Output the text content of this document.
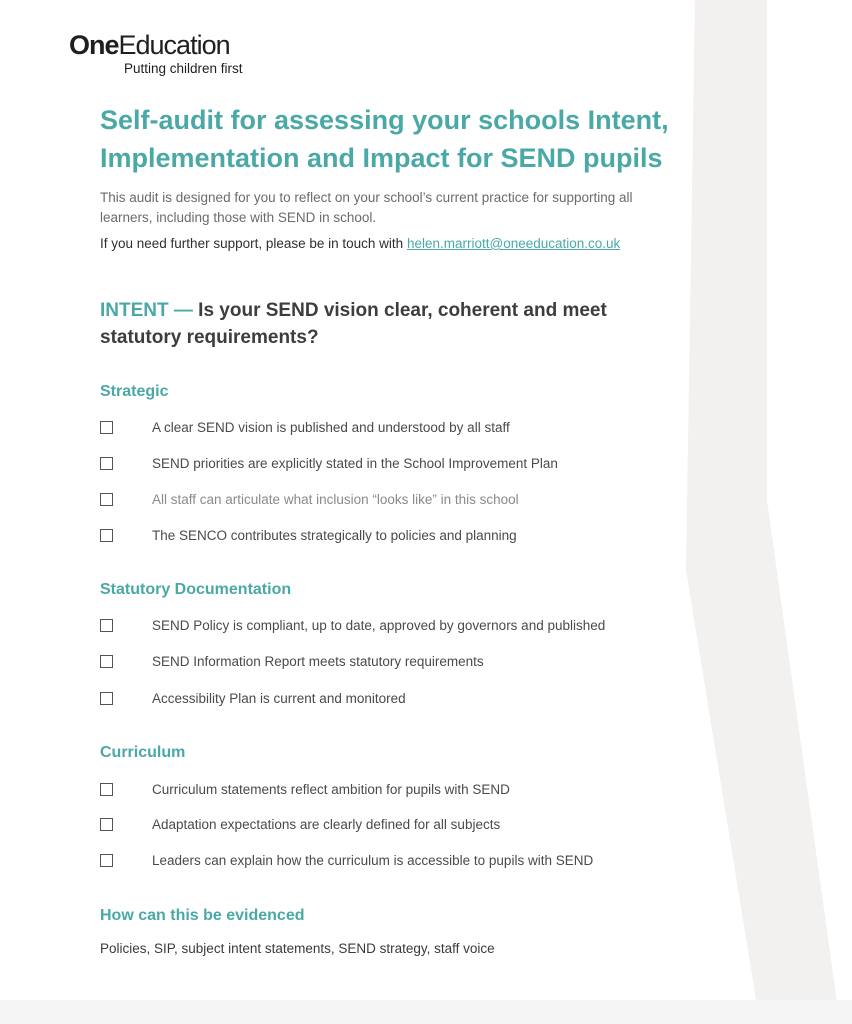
OneEducation
Putting children first
Self-audit for assessing your schools Intent, Implementation and Impact for SEND pupils

This audit is designed for you to reflect on your school’s current practice for supporting all learners, including those with SEND in school.

If you need further support, please be in touch with helen.marriott@oneeducation.co.uk

INTENT — Is your SEND vision clear, coherent and meet statutory requirements?
Strategic
A clear SEND vision is published and understood by all staff
SEND priorities are explicitly stated in the School Improvement Plan
All staff can articulate what inclusion “looks like” in this school
The SENCO contributes strategically to policies and planning
Statutory Documentation
SEND Policy is compliant, up to date, approved by governors and published
SEND Information Report meets statutory requirements
Accessibility Plan is current and monitored
Curriculum
Curriculum statements reflect ambition for pupils with SEND
Adaptation expectations are clearly defined for all subjects
Leaders can explain how the curriculum is accessible to pupils with SEND
How can this be evidenced

Policies, SIP, subject intent statements, SEND strategy, staff voice
